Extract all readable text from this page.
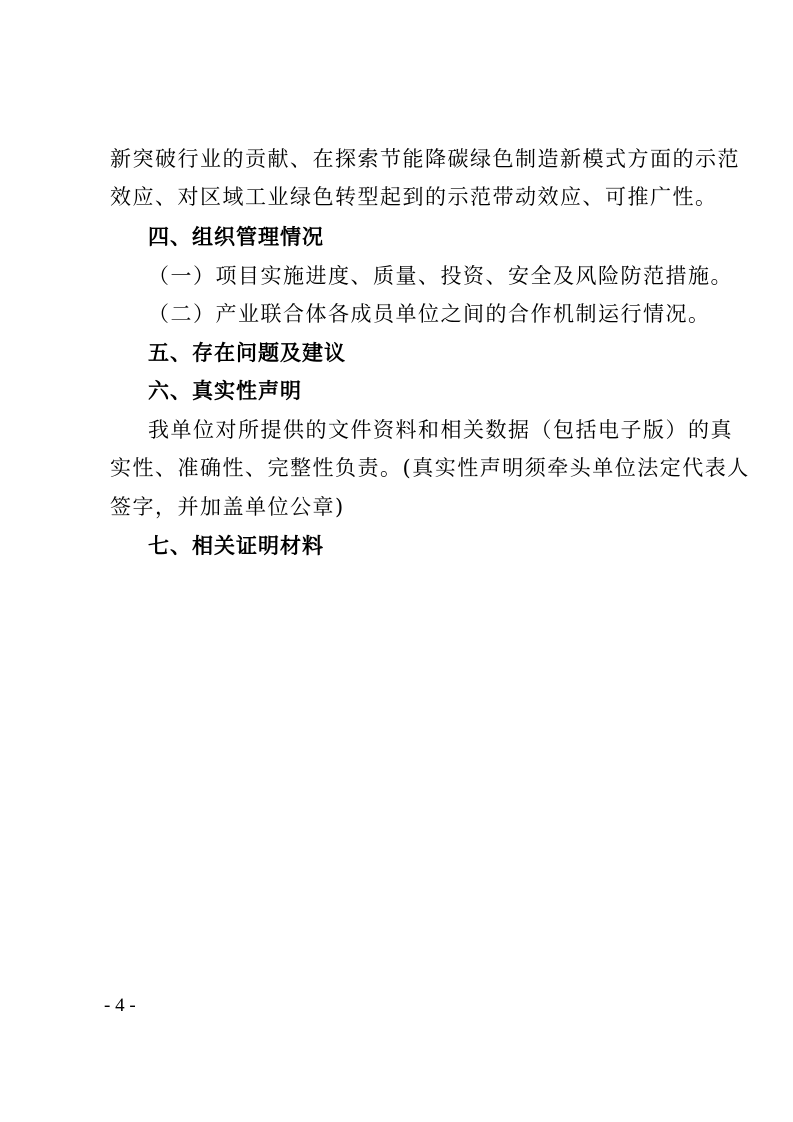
新突破行业的贡献、在探索节能降碳绿色制造新模式方面的示范
效应、对区域工业绿色转型起到的示范带动效应、可推广性。
四、组织管理情况
（一）项目实施进度、质量、投资、安全及风险防范措施。
（二）产业联合体各成员单位之间的合作机制运行情况。
五、存在问题及建议
六、真实性声明
我单位对所提供的文件资料和相关数据（包括电子版）的真
实性、准确性、完整性负责。(真实性声明须牵头单位法定代表人
签字，并加盖单位公章)
七、相关证明材料
- 4 -
